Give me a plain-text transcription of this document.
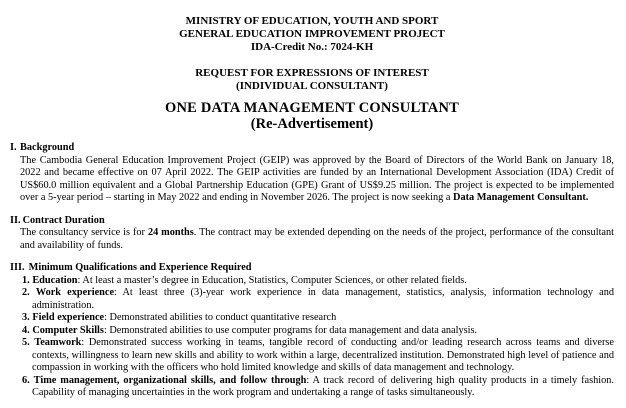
MINISTRY OF EDUCATION, YOUTH AND SPORT
GENERAL EDUCATION IMPROVEMENT PROJECT
IDA-Credit No.: 7024-KH
REQUEST FOR EXPRESSIONS OF INTEREST
(INDIVIDUAL CONSULTANT)
ONE DATA MANAGEMENT CONSULTANT
(Re-Advertisement)
I. Background
The Cambodia General Education Improvement Project (GEIP) was approved by the Board of Directors of the World Bank on January 18, 2022 and became effective on 07 April 2022. The GEIP activities are funded by an International Development Association (IDA) Credit of US$60.0 million equivalent and a Global Partnership Education (GPE) Grant of US$9.25 million. The project is expected to be implemented over a 5-year period – starting in May 2022 and ending in November 2026. The project is now seeking a Data Management Consultant.
II. Contract Duration
The consultancy service is for 24 months. The contract may be extended depending on the needs of the project, performance of the consultant and availability of funds.
III. Minimum Qualifications and Experience Required
1. Education: At least a master’s degree in Education, Statistics, Computer Sciences, or other related fields.
2. Work experience: At least three (3)-year work experience in data management, statistics, analysis, information technology and administration.
3. Field experience: Demonstrated abilities to conduct quantitative research
4. Computer Skills: Demonstrated abilities to use computer programs for data management and data analysis.
5. Teamwork: Demonstrated success working in teams, tangible record of conducting and/or leading research across teams and diverse contexts, willingness to learn new skills and ability to work within a large, decentralized institution. Demonstrated high level of patience and compassion in working with the officers who hold limited knowledge and skills of data management and technology.
6. Time management, organizational skills, and follow through: A track record of delivering high quality products in a timely fashion. Capability of managing uncertainties in the work program and undertaking a range of tasks simultaneously.
